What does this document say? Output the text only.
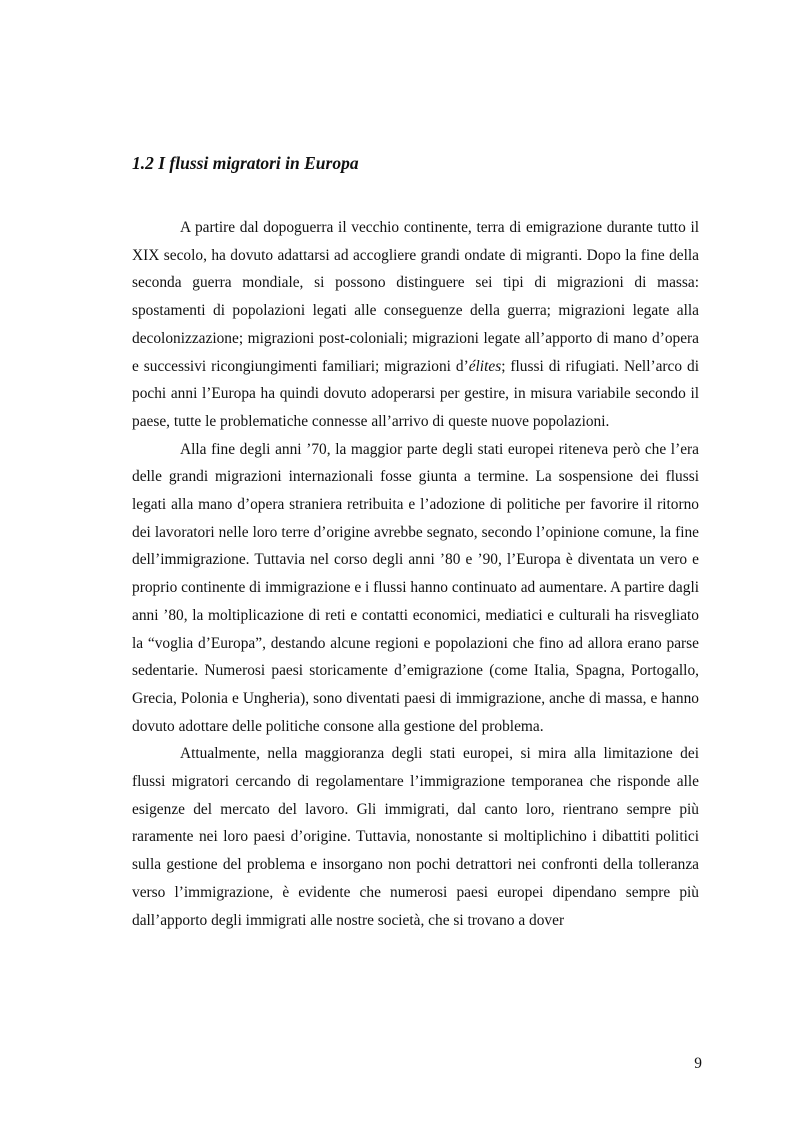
1.2 I flussi migratori in Europa

A partire dal dopoguerra il vecchio continente, terra di emigrazione durante tutto il XIX secolo, ha dovuto adattarsi ad accogliere grandi ondate di migranti. Dopo la fine della seconda guerra mondiale, si possono distinguere sei tipi di migrazioni di massa: spostamenti di popolazioni legati alle conseguenze della guerra; migrazioni legate alla decolonizzazione; migrazioni post-coloniali; migrazioni legate all’apporto di mano d’opera e successivi ricongiungimenti familiari; migrazioni d’élites; flussi di rifugiati. Nell’arco di pochi anni l’Europa ha quindi dovuto adoperarsi per gestire, in misura variabile secondo il paese, tutte le problematiche connesse all’arrivo di queste nuove popolazioni.

Alla fine degli anni ’70, la maggior parte degli stati europei riteneva però che l’era delle grandi migrazioni internazionali fosse giunta a termine. La sospensione dei flussi legati alla mano d’opera straniera retribuita e l’adozione di politiche per favorire il ritorno dei lavoratori nelle loro terre d’origine avrebbe segnato, secondo l’opinione comune, la fine dell’immigrazione. Tuttavia nel corso degli anni ’80 e ’90, l’Europa è diventata un vero e proprio continente di immigrazione e i flussi hanno continuato ad aumentare. A partire dagli anni ’80, la moltiplicazione di reti e contatti economici, mediatici e culturali ha risvegliato la “voglia d’Europa”, destando alcune regioni e popolazioni che fino ad allora erano parse sedentarie. Numerosi paesi storicamente d’emigrazione (come Italia, Spagna, Portogallo, Grecia, Polonia e Ungheria), sono diventati paesi di immigrazione, anche di massa, e hanno dovuto adottare delle politiche consone alla gestione del problema.

Attualmente, nella maggioranza degli stati europei, si mira alla limitazione dei flussi migratori cercando di regolamentare l’immigrazione temporanea che risponde alle esigenze del mercato del lavoro. Gli immigrati, dal canto loro, rientrano sempre più raramente nei loro paesi d’origine. Tuttavia, nonostante si moltiplichino i dibattiti politici sulla gestione del problema e insorgano non pochi detrattori nei confronti della tolleranza verso l’immigrazione, è evidente che numerosi paesi europei dipendano sempre più dall’apporto degli immigrati alle nostre società, che si trovano a dover

9
